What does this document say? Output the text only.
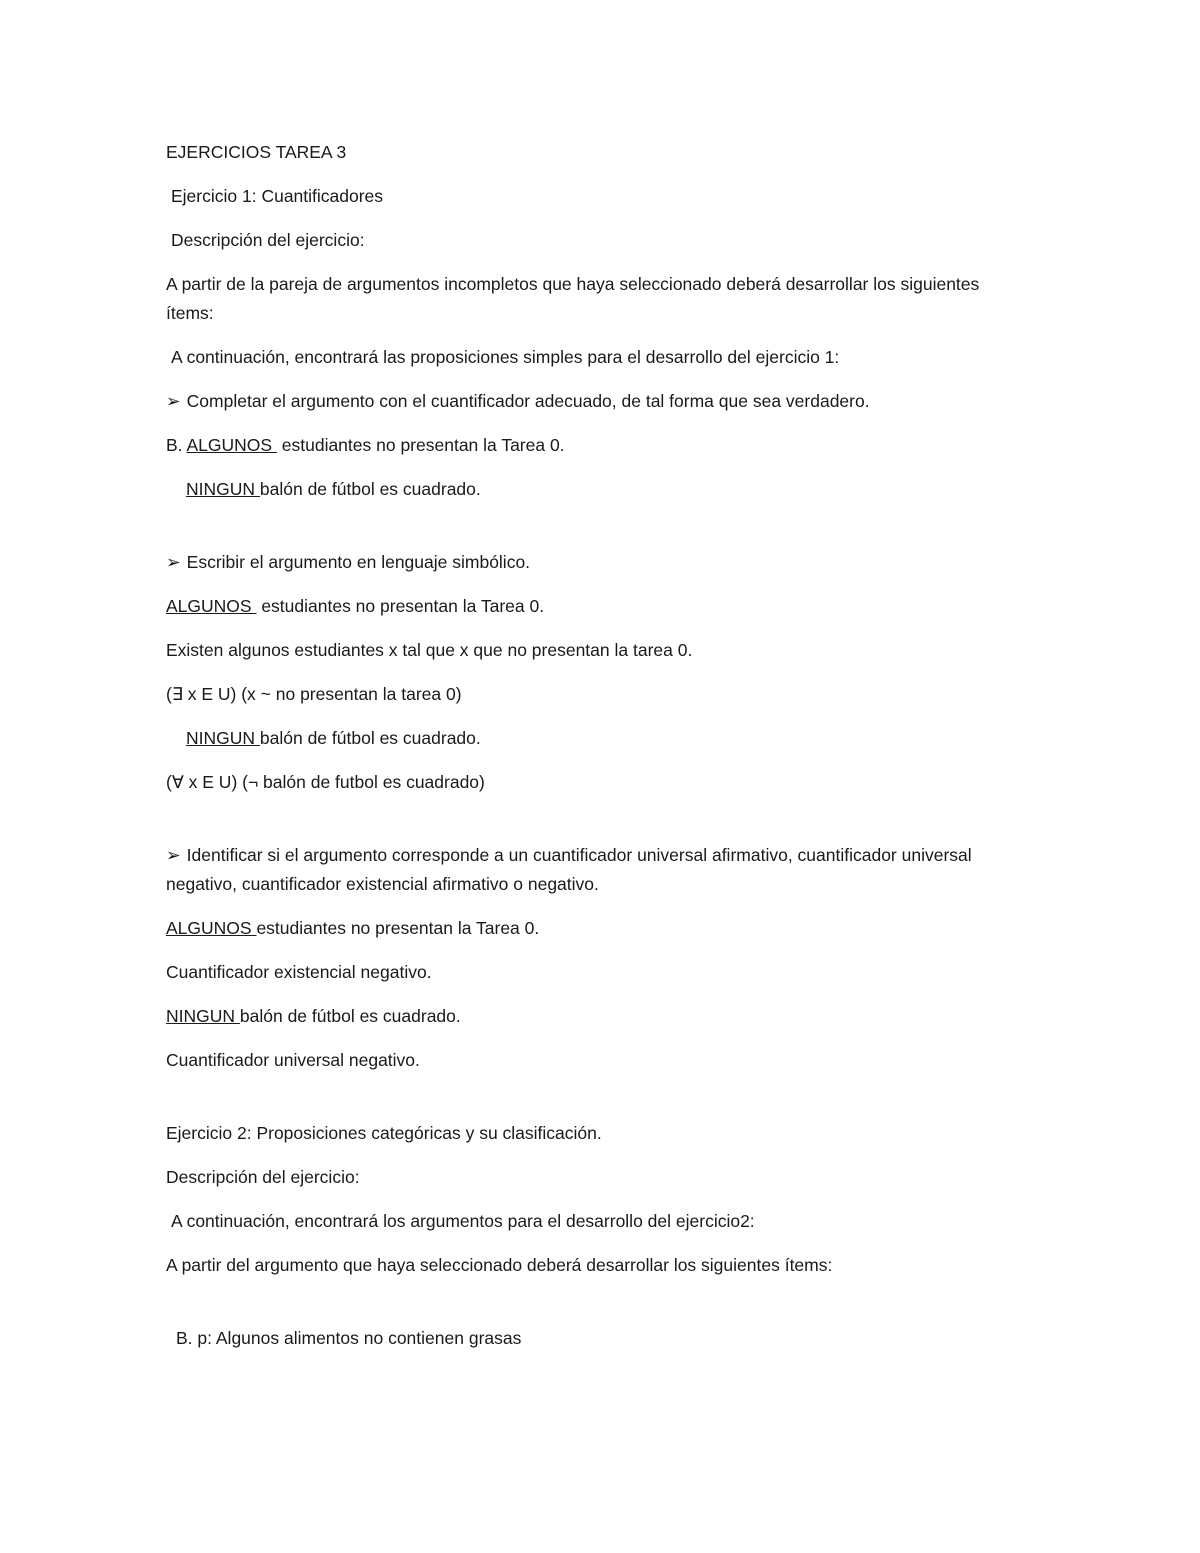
EJERCICIOS TAREA 3

Ejercicio 1: Cuantificadores

Descripción del ejercicio:

A partir de la pareja de argumentos incompletos que haya seleccionado deberá desarrollar los siguientes ítems:

A continuación, encontrará las proposiciones simples para el desarrollo del ejercicio 1:

➢ Completar el argumento con el cuantificador adecuado, de tal forma que sea verdadero.

B. ALGUNOS  estudiantes no presentan la Tarea 0.

NINGUN balón de fútbol es cuadrado.

➢ Escribir el argumento en lenguaje simbólico.

ALGUNOS  estudiantes no presentan la Tarea 0.

Existen algunos estudiantes x tal que x que no presentan la tarea 0.

(∃ x E U) (x ~ no presentan la tarea 0)

NINGUN balón de fútbol es cuadrado.

(∀ x E U) (¬ balón de futbol es cuadrado)

➢ Identificar si el argumento corresponde a un cuantificador universal afirmativo, cuantificador universal negativo, cuantificador existencial afirmativo o negativo.

ALGUNOS estudiantes no presentan la Tarea 0.

Cuantificador existencial negativo.

NINGUN balón de fútbol es cuadrado.

Cuantificador universal negativo.

Ejercicio 2: Proposiciones categóricas y su clasificación.

Descripción del ejercicio:

A continuación, encontrará los argumentos para el desarrollo del ejercicio2:

A partir del argumento que haya seleccionado deberá desarrollar los siguientes ítems:

B. p: Algunos alimentos no contienen grasas
